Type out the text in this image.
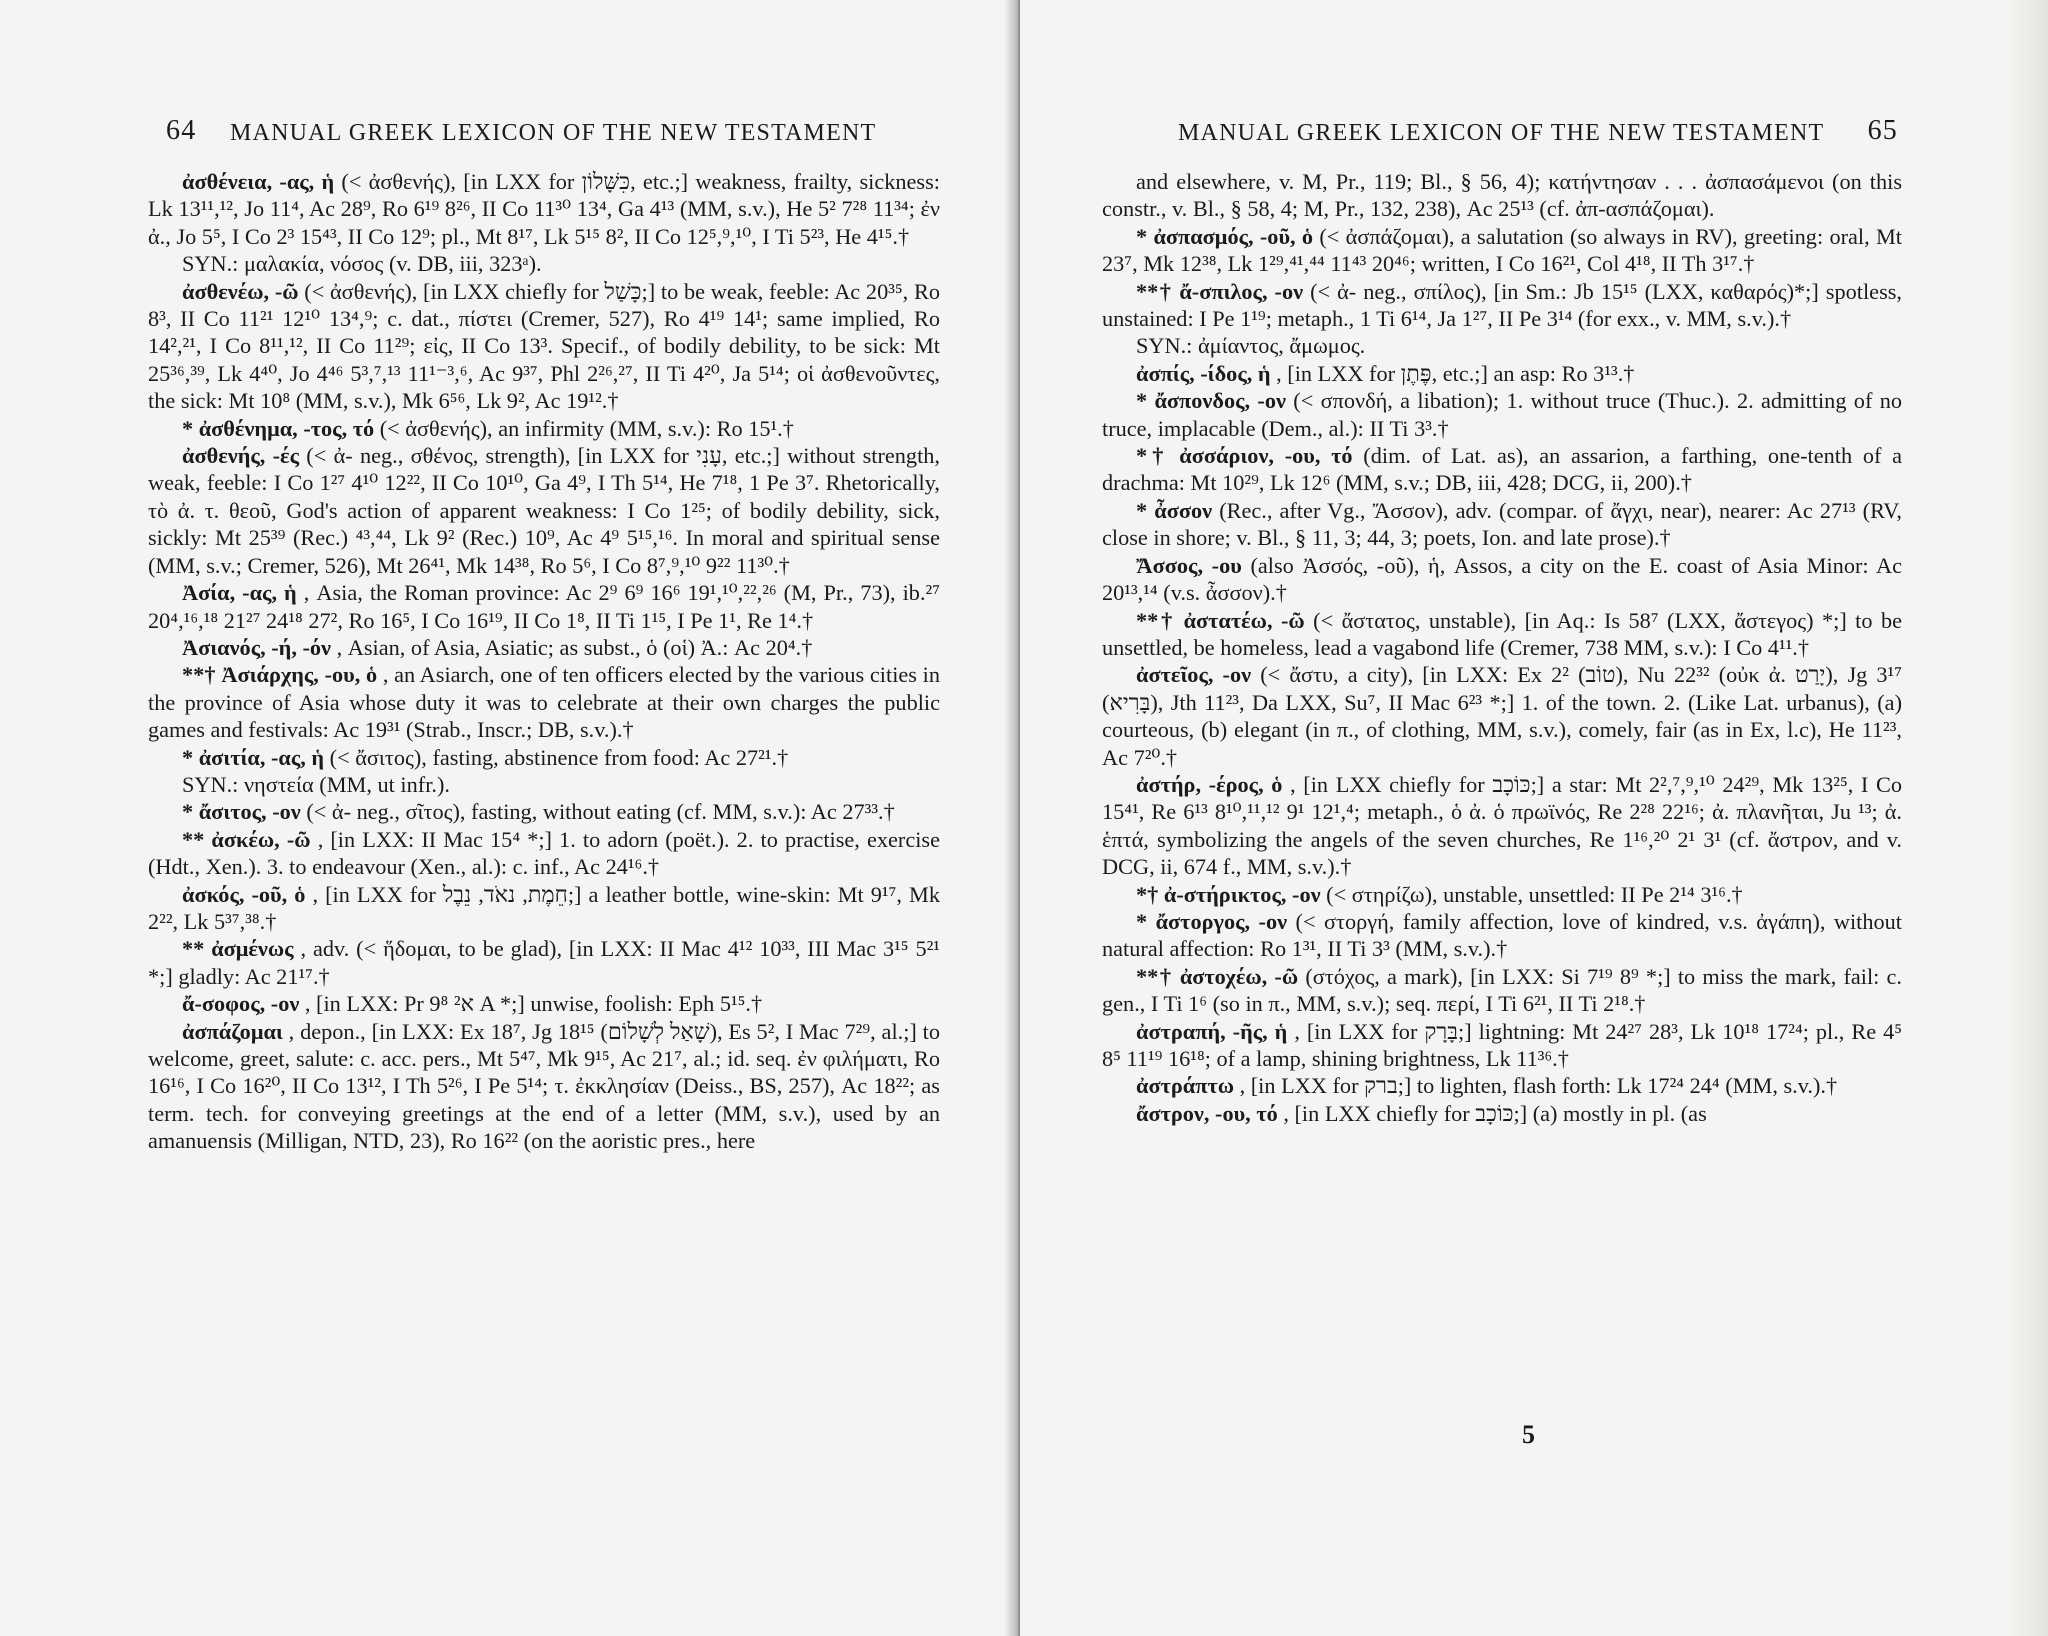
64 MANUAL GREEK LEXICON OF THE NEW TESTAMENT

ἀσθένεια, -ας, ἡ (< ἀσθενής), [in LXX for כִּשָּׁלוֹן, etc.;] weakness, frailty, sickness: Lk 13¹¹,¹², Jo 11⁴, Ac 28⁹, Ro 6¹⁹ 8²⁶, II Co 11³⁰ 13⁴, Ga 4¹³ (MM, s.v.), He 5² 7²⁸ 11³⁴; ἐν ἀ., Jo 5⁵, I Co 2³ 15⁴³, II Co 12⁹; pl., Mt 8¹⁷, Lk 5¹⁵ 8², II Co 12⁵,⁹,¹⁰, I Ti 5²³, He 4¹⁵.†

SYN.: μαλακία, νόσος (v. DB, iii, 323ᵃ).

ἀσθενέω, -ῶ (< ἀσθενής), [in LXX chiefly for כָּשַׁל;] to be weak, feeble: Ac 20³⁵, Ro 8³, II Co 11²¹ 12¹⁰ 13⁴,⁹; c. dat., πίστει (Cremer, 527), Ro 4¹⁹ 14¹; same implied, Ro 14²,²¹, I Co 8¹¹,¹², II Co 11²⁹; εἰς, II Co 13³. Specif., of bodily debility, to be sick: Mt 25³⁶,³⁹, Lk 4⁴⁰, Jo 4⁴⁶ 5³,⁷,¹³ 11¹⁻³,⁶, Ac 9³⁷, Phl 2²⁶,²⁷, II Ti 4²⁰, Ja 5¹⁴; οἱ ἀσθενοῦντες, the sick: Mt 10⁸ (MM, s.v.), Mk 6⁵⁶, Lk 9², Ac 19¹².†

* ἀσθένημα, -τος, τό (< ἀσθενής), an infirmity (MM, s.v.): Ro 15¹.†

ἀσθενής, -ές (< ἀ- neg., σθένος, strength), [in LXX for עָנִי, etc.;] without strength, weak, feeble: I Co 1²⁷ 4¹⁰ 12²², II Co 10¹⁰, Ga 4⁹, I Th 5¹⁴, He 7¹⁸, 1 Pe 3⁷. Rhetorically, τὸ ἀ. τ. θεοῦ, God's action of apparent weakness: I Co 1²⁵; of bodily debility, sick, sickly: Mt 25³⁹ (Rec.) ⁴³,⁴⁴, Lk 9² (Rec.) 10⁹, Ac 4⁹ 5¹⁵,¹⁶. In moral and spiritual sense (MM, s.v.; Cremer, 526), Mt 26⁴¹, Mk 14³⁸, Ro 5⁶, I Co 8⁷,⁹,¹⁰ 9²² 11³⁰.†

Ἀσία, -ας, ἡ , Asia, the Roman province: Ac 2⁹ 6⁹ 16⁶ 19¹,¹⁰,²²,²⁶ (M, Pr., 73), ib.²⁷ 20⁴,¹⁶,¹⁸ 21²⁷ 24¹⁸ 27², Ro 16⁵, I Co 16¹⁹, II Co 1⁸, II Ti 1¹⁵, I Pe 1¹, Re 1⁴.†

Ἀσιανός, -ή, -όν , Asian, of Asia, Asiatic; as subst., ὁ (οἱ) Ἀ.: Ac 20⁴.†

**† Ἀσιάρχης, -ου, ὁ , an Asiarch, one of ten officers elected by the various cities in the province of Asia whose duty it was to celebrate at their own charges the public games and festivals: Ac 19³¹ (Strab., Inscr.; DB, s.v.).†

* ἀσιτία, -ας, ἡ (< ἄσιτος), fasting, abstinence from food: Ac 27²¹.†

SYN.: νηστεία (MM, ut infr.).

* ἄσιτος, -ον (< ἀ- neg., σῖτος), fasting, without eating (cf. MM, s.v.): Ac 27³³.†

** ἀσκέω, -ῶ , [in LXX: II Mac 15⁴ *;] 1. to adorn (poët.). 2. to practise, exercise (Hdt., Xen.). 3. to endeavour (Xen., al.): c. inf., Ac 24¹⁶.†

ἀσκός, -οῦ, ὁ , [in LXX for חֵמֶת, נאֹד, נֵבֶל;] a leather bottle, wine-skin: Mt 9¹⁷, Mk 2²², Lk 5³⁷,³⁸.†

** ἀσμένως , adv. (< ἥδομαι, to be glad), [in LXX: II Mac 4¹² 10³³, III Mac 3¹⁵ 5²¹ *;] gladly: Ac 21¹⁷.†

ἄ-σοφος, -ον , [in LXX: Pr 9⁸ א² A *;] unwise, foolish: Eph 5¹⁵.†

ἀσπάζομαι , depon., [in LXX: Ex 18⁷, Jg 18¹⁵ (שָׁאַל לְשָׁלוֹם), Es 5², I Mac 7²⁹, al.;] to welcome, greet, salute: c. acc. pers., Mt 5⁴⁷, Mk 9¹⁵, Ac 21⁷, al.; id. seq. ἐν φιλήματι, Ro 16¹⁶, I Co 16²⁰, II Co 13¹², I Th 5²⁶, I Pe 5¹⁴; τ. ἐκκλησίαν (Deiss., BS, 257), Ac 18²²; as term. tech. for conveying greetings at the end of a letter (MM, s.v.), used by an amanuensis (Milligan, NTD, 23), Ro 16²² (on the aoristic pres., here

MANUAL GREEK LEXICON OF THE NEW TESTAMENT 65

and elsewhere, v. M, Pr., 119; Bl., § 56, 4); κατήντησαν . . . ἀσπασάμενοι (on this constr., v. Bl., § 58, 4; M, Pr., 132, 238), Ac 25¹³ (cf. ἀπ-ασπάζομαι).

* ἀσπασμός, -οῦ, ὁ (< ἀσπάζομαι), a salutation (so always in RV), greeting: oral, Mt 23⁷, Mk 12³⁸, Lk 1²⁹,⁴¹,⁴⁴ 11⁴³ 20⁴⁶; written, I Co 16²¹, Col 4¹⁸, II Th 3¹⁷.†

**† ἄ-σπιλος, -ον (< ἀ- neg., σπίλος), [in Sm.: Jb 15¹⁵ (LXX, καθαρός)*;] spotless, unstained: I Pe 1¹⁹; metaph., 1 Ti 6¹⁴, Ja 1²⁷, II Pe 3¹⁴ (for exx., v. MM, s.v.).†

SYN.: ἀμίαντος, ἄμωμος.

ἀσπίς, -ίδος, ἡ , [in LXX for פֶּתֶן, etc.;] an asp: Ro 3¹³.†

* ἄσπονδος, -ον (< σπονδή, a libation); 1. without truce (Thuc.). 2. admitting of no truce, implacable (Dem., al.): II Ti 3³.†

*† ἀσσάριον, -ου, τό (dim. of Lat. as), an assarion, a farthing, one-tenth of a drachma: Mt 10²⁹, Lk 12⁶ (MM, s.v.; DB, iii, 428; DCG, ii, 200).†

* ἆσσον (Rec., after Vg., Ἄσσον), adv. (compar. of ἄγχι, near), nearer: Ac 27¹³ (RV, close in shore; v. Bl., § 11, 3; 44, 3; poets, Ion. and late prose).†

Ἄσσος, -ου (also Ἀσσός, -οῦ), ἡ, Assos, a city on the E. coast of Asia Minor: Ac 20¹³,¹⁴ (v.s. ἆσσον).†

**† ἀστατέω, -ῶ (< ἄστατος, unstable), [in Aq.: Is 58⁷ (LXX, ἄστεγος) *;] to be unsettled, be homeless, lead a vagabond life (Cremer, 738 MM, s.v.): I Co 4¹¹.†

ἀστεῖος, -ον (< ἄστυ, a city), [in LXX: Ex 2² (טוֹב), Nu 22³² (οὐκ ἀ. יָרַט), Jg 3¹⁷ (בָּרִיא), Jth 11²³, Da LXX, Su⁷, II Mac 6²³ *;] 1. of the town. 2. (Like Lat. urbanus), (a) courteous, (b) elegant (in π., of clothing, MM, s.v.), comely, fair (as in Ex, l.c), He 11²³, Ac 7²⁰.†

ἀστήρ, -έρος, ὁ , [in LXX chiefly for כּוֹכָב;] a star: Mt 2²,⁷,⁹,¹⁰ 24²⁹, Mk 13²⁵, I Co 15⁴¹, Re 6¹³ 8¹⁰,¹¹,¹² 9¹ 12¹,⁴; metaph., ὁ ἀ. ὁ πρωϊνός, Re 2²⁸ 22¹⁶; ἀ. πλανῆται, Ju ¹³; ἀ. ἑπτά, symbolizing the angels of the seven churches, Re 1¹⁶,²⁰ 2¹ 3¹ (cf. ἄστρον, and v. DCG, ii, 674 f., MM, s.v.).†

*† ἀ-στήρικτος, -ον (< στηρίζω), unstable, unsettled: II Pe 2¹⁴ 3¹⁶.†

* ἄστοργος, -ον (< στοργή, family affection, love of kindred, v.s. ἀγάπη), without natural affection: Ro 1³¹, II Ti 3³ (MM, s.v.).†

**† ἀστοχέω, -ῶ (στόχος, a mark), [in LXX: Si 7¹⁹ 8⁹ *;] to miss the mark, fail: c. gen., I Ti 1⁶ (so in π., MM, s.v.); seq. περί, I Ti 6²¹, II Ti 2¹⁸.†

ἀστραπή, -ῆς, ἡ , [in LXX for בָּרָק;] lightning: Mt 24²⁷ 28³, Lk 10¹⁸ 17²⁴; pl., Re 4⁵ 8⁵ 11¹⁹ 16¹⁸; of a lamp, shining brightness, Lk 11³⁶.†

ἀστράπτω , [in LXX for ברק;] to lighten, flash forth: Lk 17²⁴ 24⁴ (MM, s.v.).†

ἄστρον, -ου, τό , [in LXX chiefly for כּוֹכָב;] (a) mostly in pl. (as

5
